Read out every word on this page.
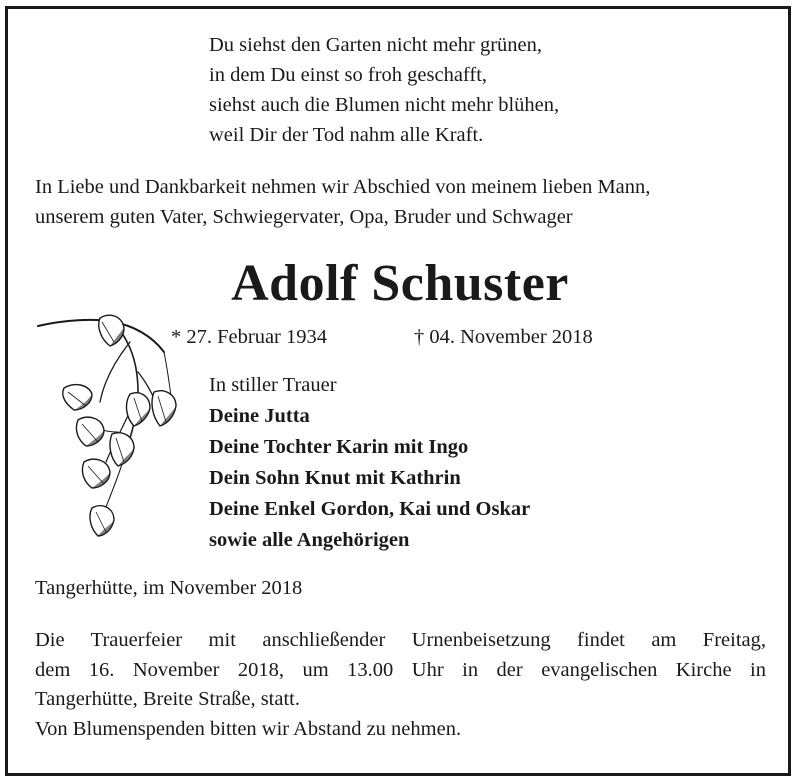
Du siehst den Garten nicht mehr grünen,
in dem Du einst so froh geschafft,
siehst auch die Blumen nicht mehr blühen,
weil Dir der Tod nahm alle Kraft.
In Liebe und Dankbarkeit nehmen wir Abschied von meinem lieben Mann,
unserem guten Vater, Schwiegervater, Opa, Bruder und Schwager
Adolf Schuster
* 27. Februar 1934	† 04. November 2018
In stiller Trauer
Deine Jutta
Deine Tochter Karin mit Ingo
Dein Sohn Knut mit Kathrin
Deine Enkel Gordon, Kai und Oskar
sowie alle Angehörigen
Tangerhütte, im November 2018
Die Trauerfeier mit anschließender Urnenbeisetzung findet am Freitag,
dem 16. November 2018, um 13.00 Uhr in der evangelischen Kirche in
Tangerhütte, Breite Straße, statt.
Von Blumenspenden bitten wir Abstand zu nehmen.
